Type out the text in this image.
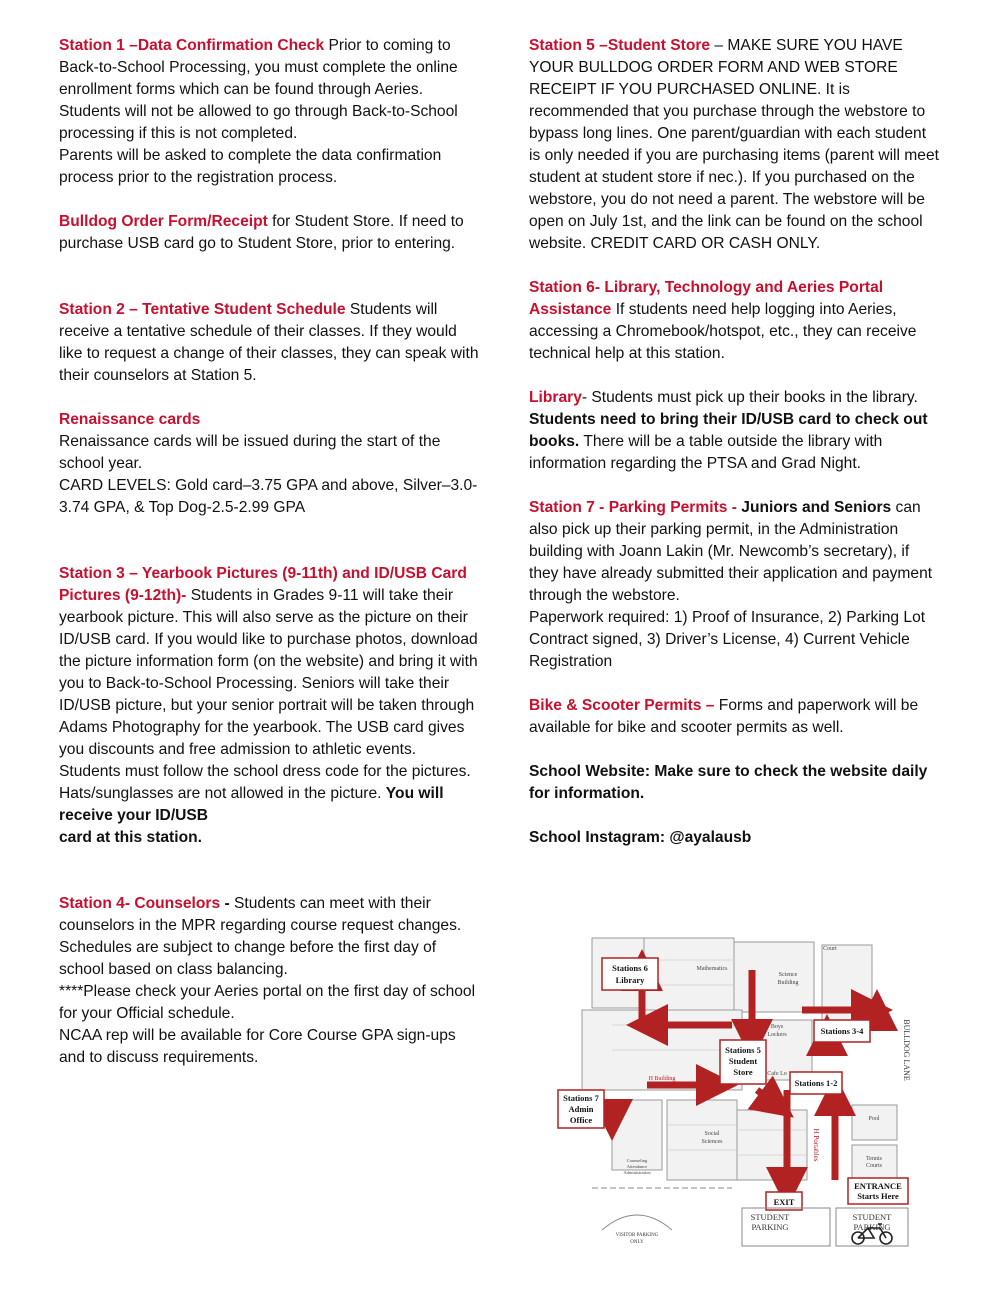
Station 1 –Data Confirmation Check Prior to coming to Back-to-School Processing, you must complete the online enrollment forms which can be found through Aeries. Students will not be allowed to go through Back-to-School processing if this is not completed.

Parents will be asked to complete the data confirmation process prior to the registration process.

Bulldog Order Form/Receipt for Student Store. If need to purchase USB card go to Student Store, prior to entering.

Station 2 – Tentative Student Schedule Students will receive a tentative schedule of their classes. If they would like to request a change of their classes, they can speak with their counselors at Station 5.

Renaissance cards

Renaissance cards will be issued during the start of the school year.

CARD LEVELS: Gold card–3.75 GPA and above, Silver–3.0-3.74 GPA, & Top Dog-2.5-2.99 GPA

Station 3 – Yearbook Pictures (9-11th) and ID/USB Card Pictures (9-12th)- Students in Grades 9-11 will take their yearbook picture. This will also serve as the picture on their ID/USB card. If you would like to purchase photos, download the picture information form (on the website) and bring it with you to Back-to-School Processing. Seniors will take their ID/USB picture, but your senior portrait will be taken through Adams Photography for the yearbook. The USB card gives you discounts and free admission to athletic events. Students must follow the school dress code for the pictures. Hats/sunglasses are not allowed in the picture. You will receive your ID/USB
card at this station.

Station 4- Counselors - Students can meet with their counselors in the MPR regarding course request changes. Schedules are subject to change before the first day of school based on class balancing.

****Please check your Aeries portal on the first day of school for your Official schedule.

NCAA rep will be available for Core Course GPA sign-ups and to discuss requirements.

Station 5 –Student Store – MAKE SURE YOU HAVE YOUR BULLDOG ORDER FORM AND WEB STORE RECEIPT IF YOU PURCHASED ONLINE. It is recommended that you purchase through the webstore to bypass long lines. One parent/guardian with each student is only needed if you are purchasing items (parent will meet student at student store if nec.). If you purchased on the webstore, you do not need a parent. The webstore will be open on July 1st, and the link can be found on the school website. CREDIT CARD OR CASH ONLY.

Station 6- Library, Technology and Aeries Portal Assistance If students need help logging into Aeries, accessing a Chromebook/hotspot, etc., they can receive technical help at this station.

Library- Students must pick up their books in the library. Students need to bring their ID/USB card to check out books. There will be a table outside the library with information regarding the PTSA and Grad Night.

Station 7 - Parking Permits - Juniors and Seniors can also pick up their parking permit, in the Administration building with Joann Lakin (Mr. Newcomb’s secretary), if they have already submitted their application and payment through the webstore.

Paperwork required: 1) Proof of Insurance, 2) Parking Lot Contract signed, 3) Driver’s License, 4) Current Vehicle Registration

Bike & Scooter Permits – Forms and paperwork will be available for bike and scooter permits as well.

School Website: Make sure to check the website daily for information.

School Instagram: @ayalausb

Stations 6
Library
Stations 5
Student
Store
Stations 3-4
Stations 1-2
Stations 7
Admin
Office
ENTRANCE
Starts Here
EXIT
STUDENT
PARKING
STUDENT
PARKING
VISITOR PARKING
ONLY
Mathematics
Science
Building
Court
Pool
Tennis
Courts
Social
Sciences
Counseling
Attendance
Administration
H Building
Cafe Lo
Boys
Lockers
H Portables
BULLDOG LANE
